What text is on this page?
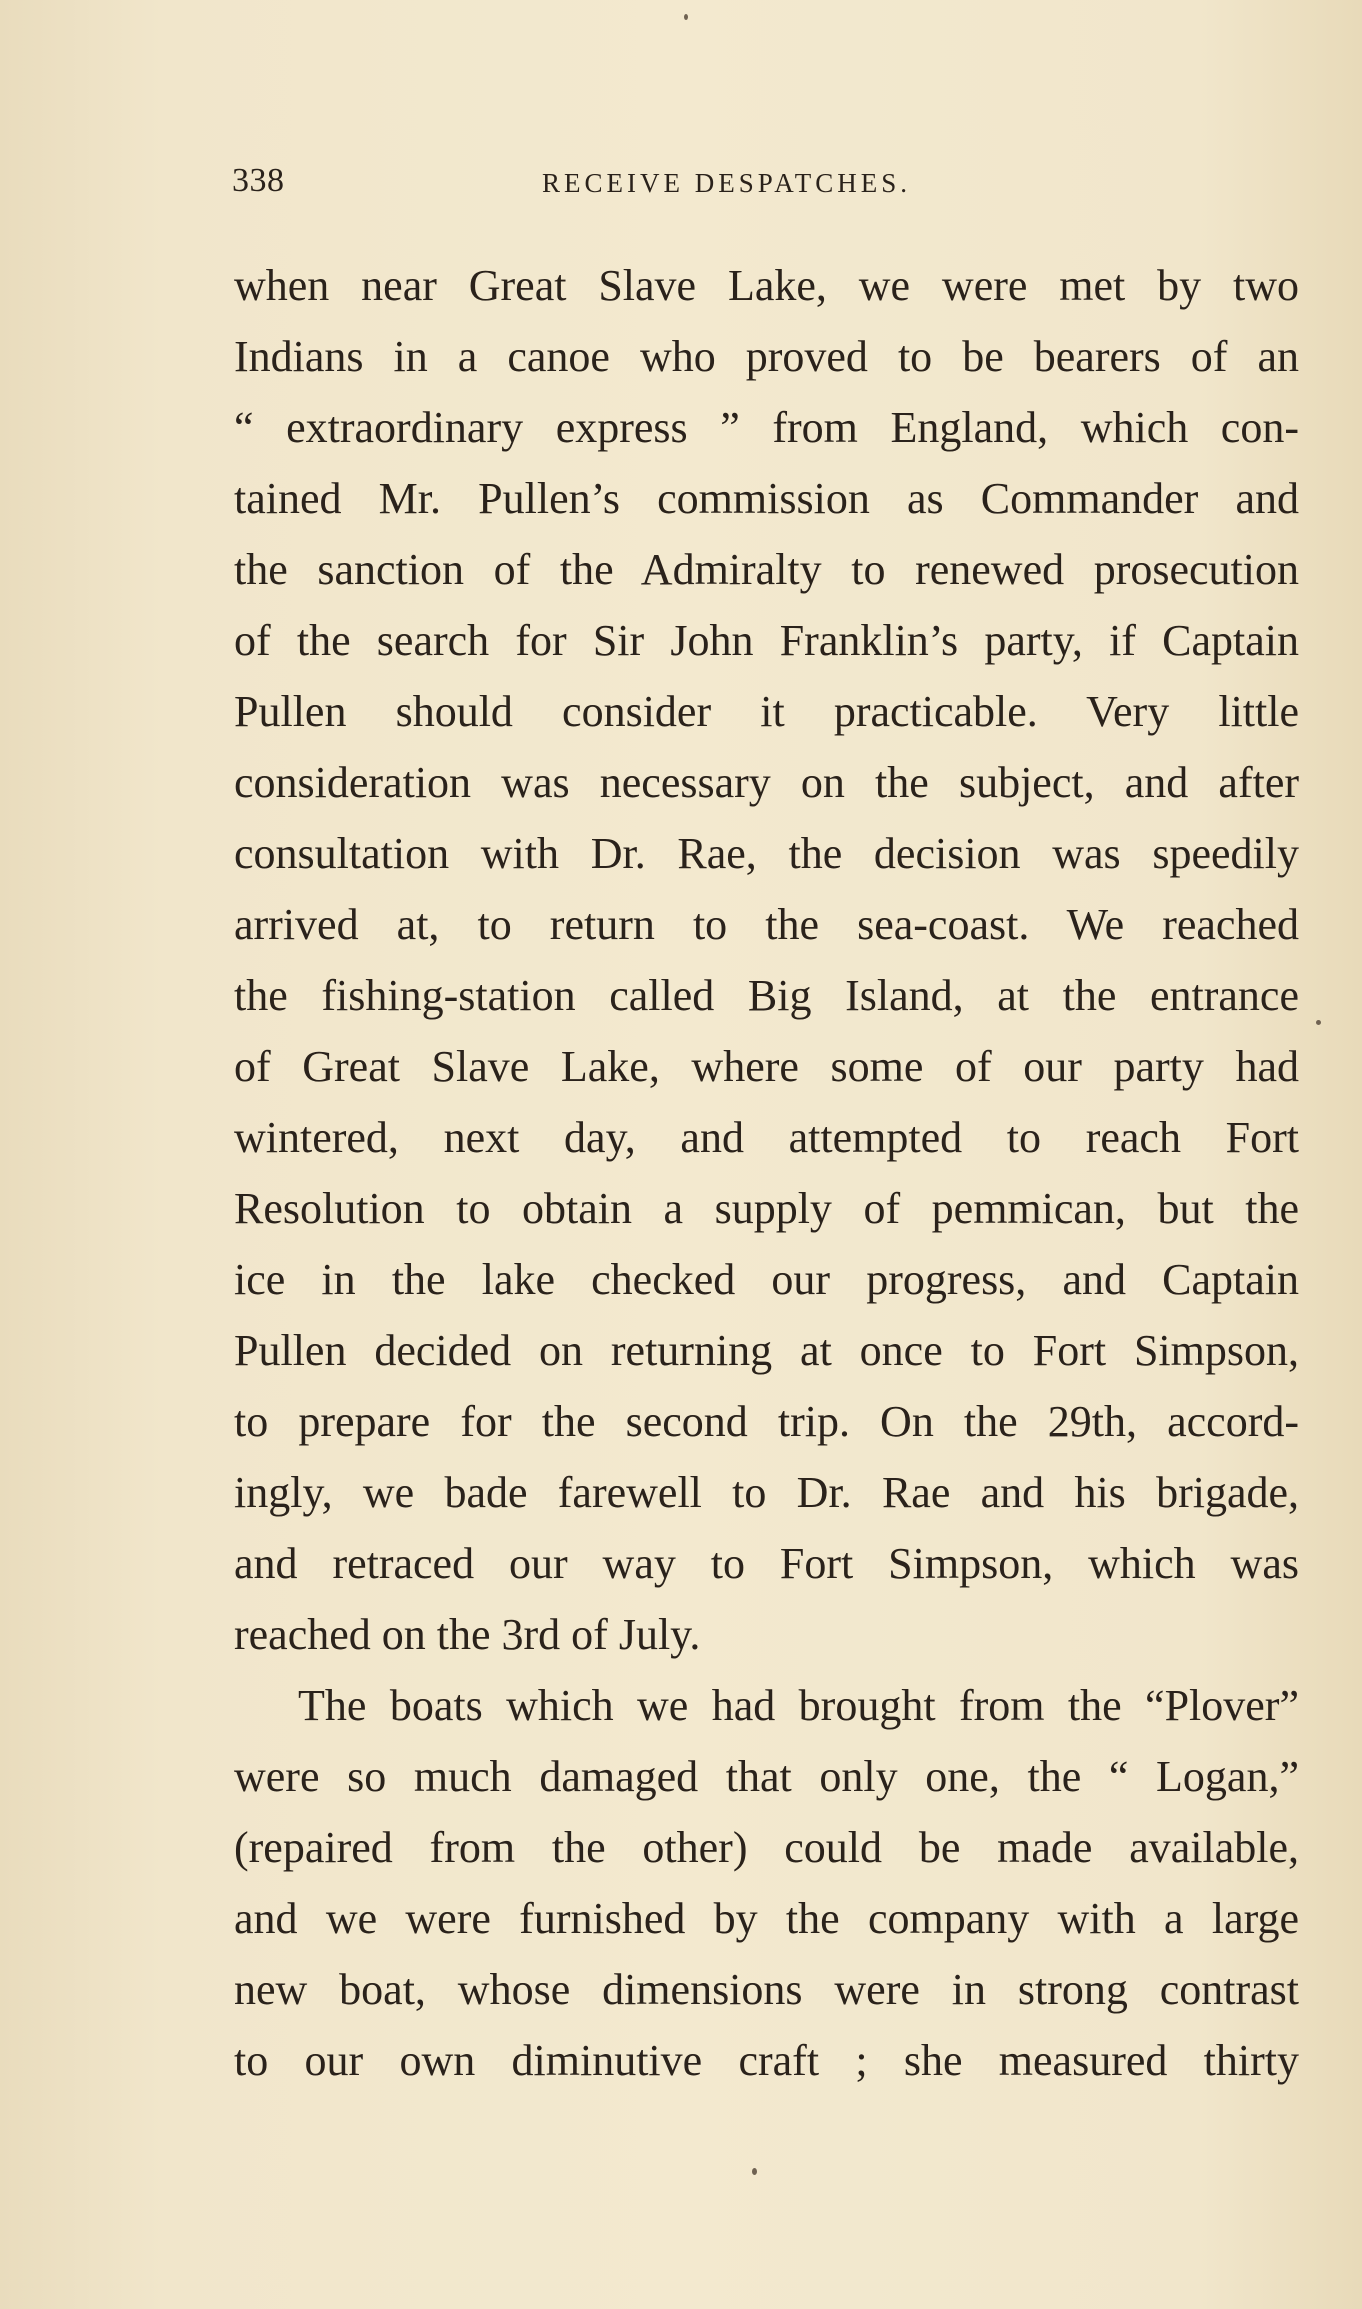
338	RECEIVE DESPATCHES.
when near Great Slave Lake, we were met by two
Indians in a canoe who proved to be bearers of an
“ extraordinary express ” from England, which con-
tained Mr. Pullen’s commission as Commander and
the sanction of the Admiralty to renewed prosecution
of the search for Sir John Franklin’s party, if Captain
Pullen should consider it practicable. Very little
consideration was necessary on the subject, and after
consultation with Dr. Rae, the decision was speedily
arrived at, to return to the sea-coast. We reached
the fishing-station called Big Island, at the entrance
of Great Slave Lake, where some of our party had
wintered, next day, and attempted to reach Fort
Resolution to obtain a supply of pemmican, but the
ice in the lake checked our progress, and Captain
Pullen decided on returning at once to Fort Simpson,
to prepare for the second trip. On the 29th, accord-
ingly, we bade farewell to Dr. Rae and his brigade,
and retraced our way to Fort Simpson, which was
reached on the 3rd of July.
The boats which we had brought from the “Plover”
were so much damaged that only one, the “ Logan,”
(repaired from the other) could be made available,
and we were furnished by the company with a large
new boat, whose dimensions were in strong contrast
to our own diminutive craft ; she measured thirty
